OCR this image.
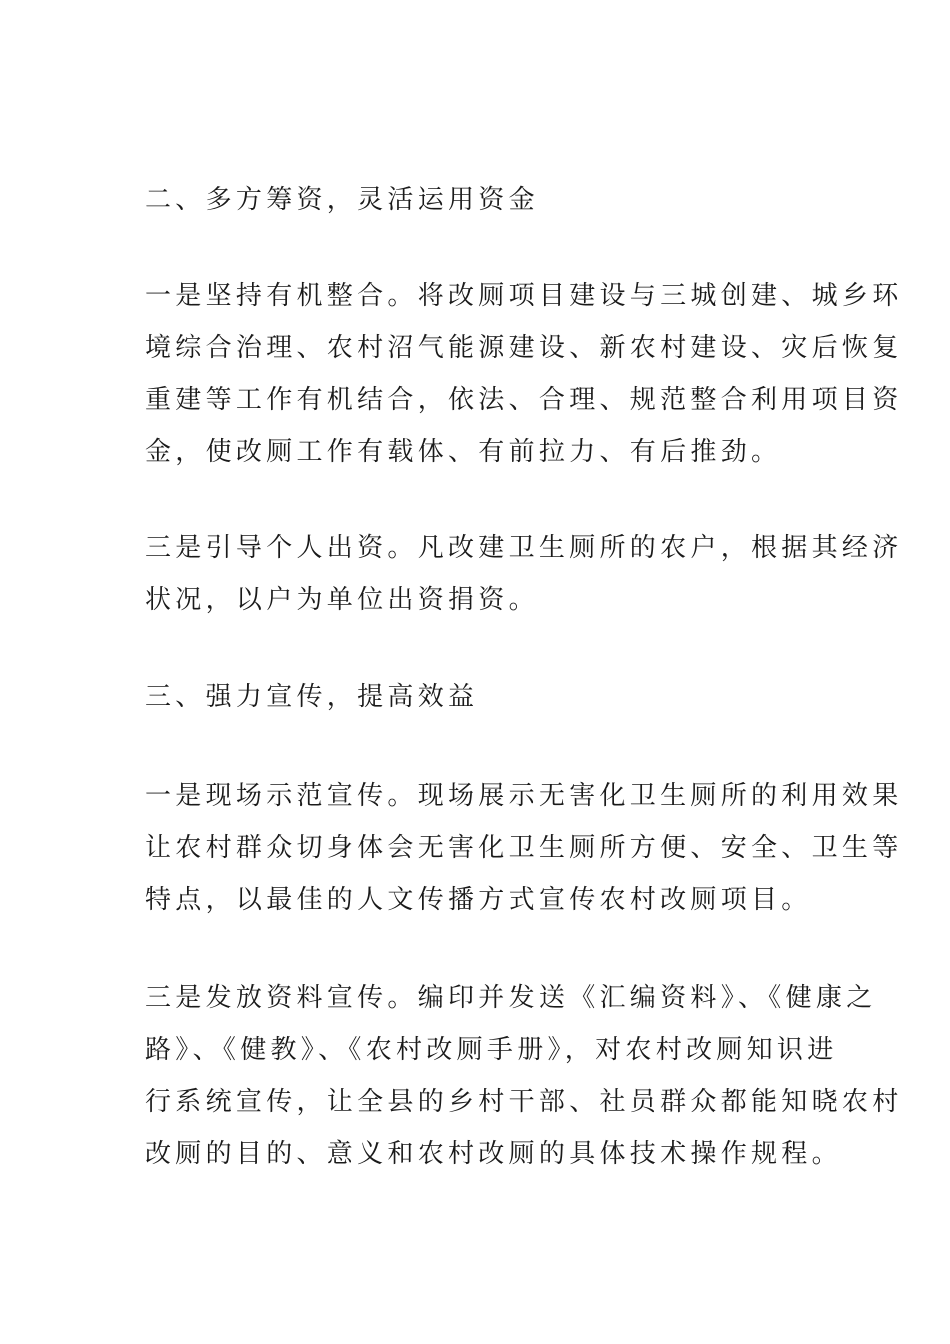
二、多方筹资，灵活运用资金
一是坚持有机整合。将改厕项目建设与三城创建、城乡环
境综合治理、农村沼气能源建设、新农村建设、灾后恢复
重建等工作有机结合，依法、合理、规范整合利用项目资
金，使改厕工作有载体、有前拉力、有后推劲。
三是引导个人出资。凡改建卫生厕所的农户，根据其经济
状况，以户为单位出资捐资。
三、强力宣传，提高效益
一是现场示范宣传。现场展示无害化卫生厕所的利用效果
让农村群众切身体会无害化卫生厕所方便、安全、卫生等
特点，以最佳的人文传播方式宣传农村改厕项目。
三是发放资料宣传。编印并发送《汇编资料》、《健康之
路》、《健教》、《农村改厕手册》，对农村改厕知识进
行系统宣传，让全县的乡村干部、社员群众都能知晓农村
改厕的目的、意义和农村改厕的具体技术操作规程。
